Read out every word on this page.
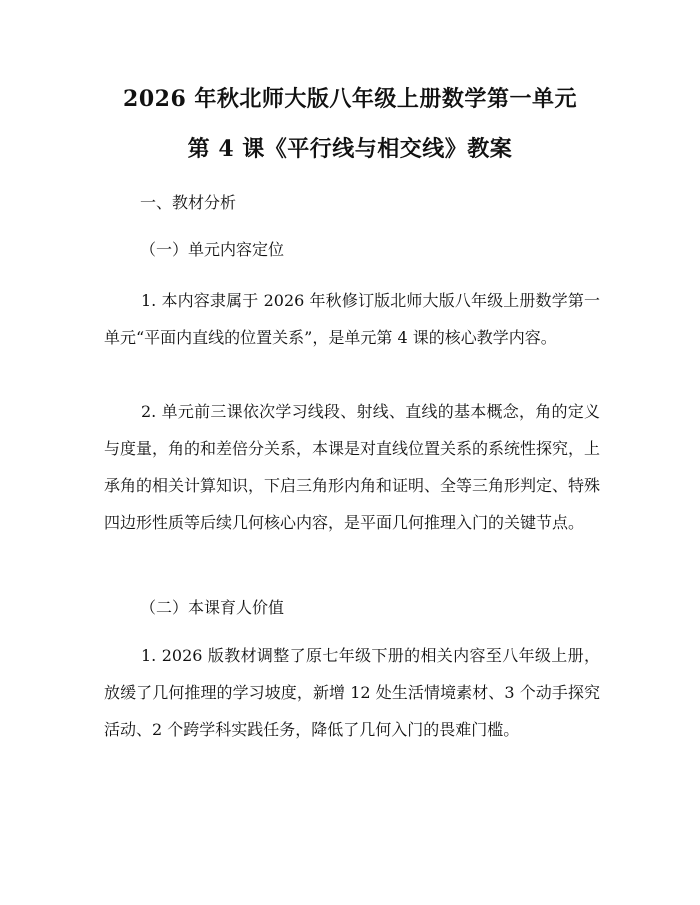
2026 年秋北师大版八年级上册数学第一单元
第 4 课《平行线与相交线》教案
一、教材分析
（一）单元内容定位

1. 本内容隶属于 2026 年秋修订版北师大版八年级上册数学第一单元“平面内直线的位置关系”，是单元第 4 课的核心教学内容。

2. 单元前三课依次学习线段、射线、直线的基本概念，角的定义与度量，角的和差倍分关系，本课是对直线位置关系的系统性探究，上承角的相关计算知识，下启三角形内角和证明、全等三角形判定、特殊四边形性质等后续几何核心内容，是平面几何推理入门的关键节点。

（二）本课育人价值

1. 2026 版教材调整了原七年级下册的相关内容至八年级上册，放缓了几何推理的学习坡度，新增 12 处生活情境素材、3 个动手探究活动、2 个跨学科实践任务，降低了几何入门的畏难门槛。
